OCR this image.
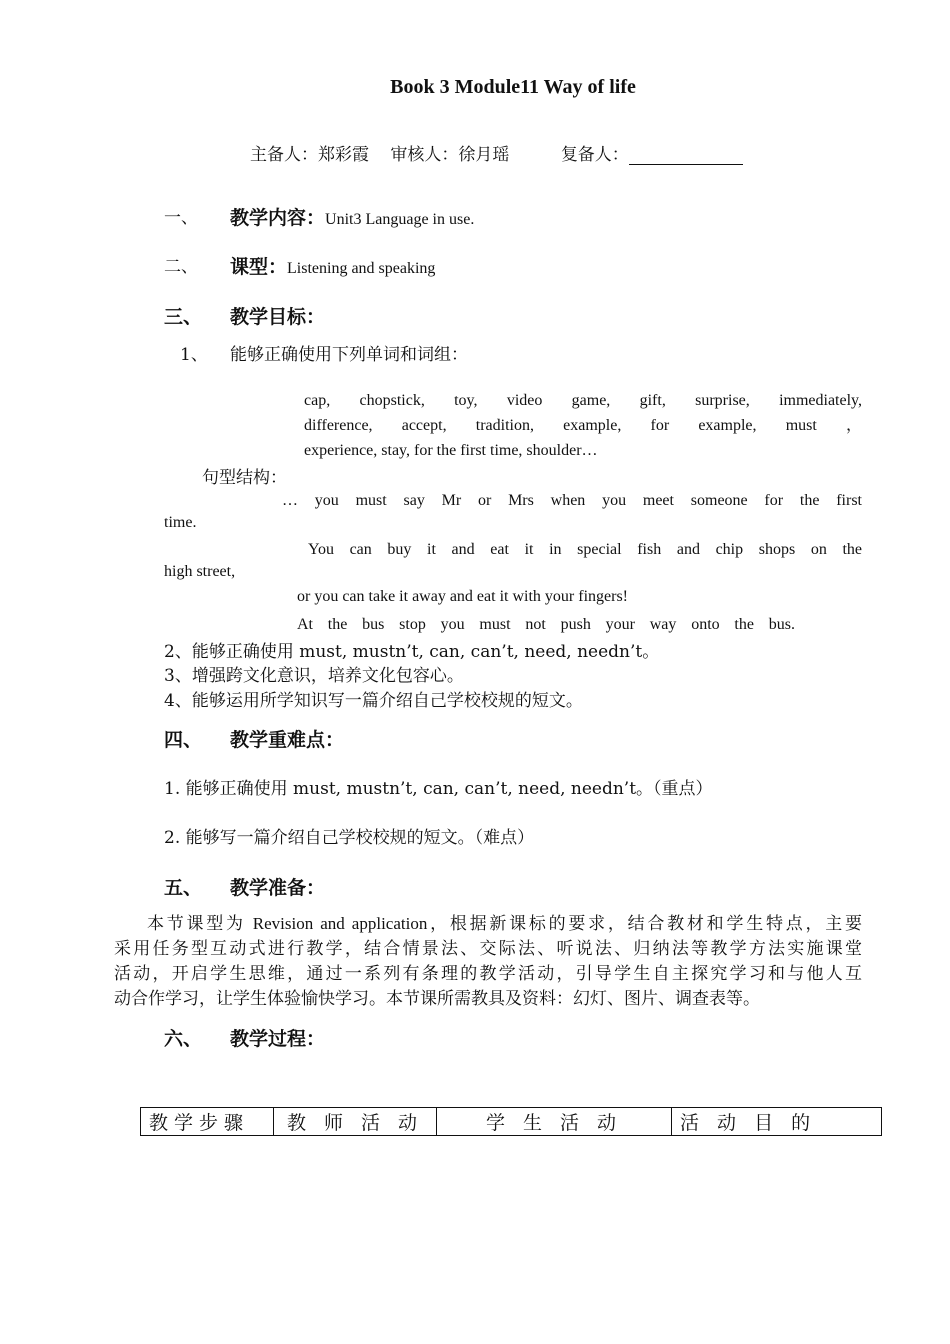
Book 3 Module11 Way of life
主备人：郑彩霞 审核人：徐月瑶	复备人：
一、 教学内容：Unit3 Language in use.
二、 课型：Listening and speaking
三、 教学目标：
1、 能够正确使用下列单词和词组：
cap, chopstick, toy, video game, gift, surprise, immediately,
difference, accept, tradition, example, for example, must ，
experience, stay, for the first time, shoulder…
句型结构：
… you must say Mr or Mrs when you meet someone for the first
time.
You can buy it and eat it in special fish and chip shops on the
high street,
or you can take it away and eat it with your fingers!
At the bus stop you must not push your way onto the bus.
2、能够正确使用 must, mustn’t, can, can’t, need, needn’t。
3、增强跨文化意识，培养文化包容心。
4、能够运用所学知识写一篇介绍自己学校校规的短文。
四、 教学重难点：
1. 能够正确使用 must, mustn’t, can, can’t, need, needn’t。（重点）
2. 能够写一篇介绍自己学校校规的短文。（难点）
五、 教学准备：
本节课型为 Revision and application，根据新课标的要求，结合教材和学生特点，主要
采用任务型互动式进行教学，结合情景法、交际法、听说法、归纳法等教学方法实施课堂
活动，开启学生思维，通过一系列有条理的教学活动，引导学生自主探究学习和与他人互
动合作学习，让学生体验愉快学习。本节课所需教具及资料：幻灯、图片、调查表等。
六、 教学过程：
教学步骤	教 师 活 动	学 生 活 动	活 动 目 的
